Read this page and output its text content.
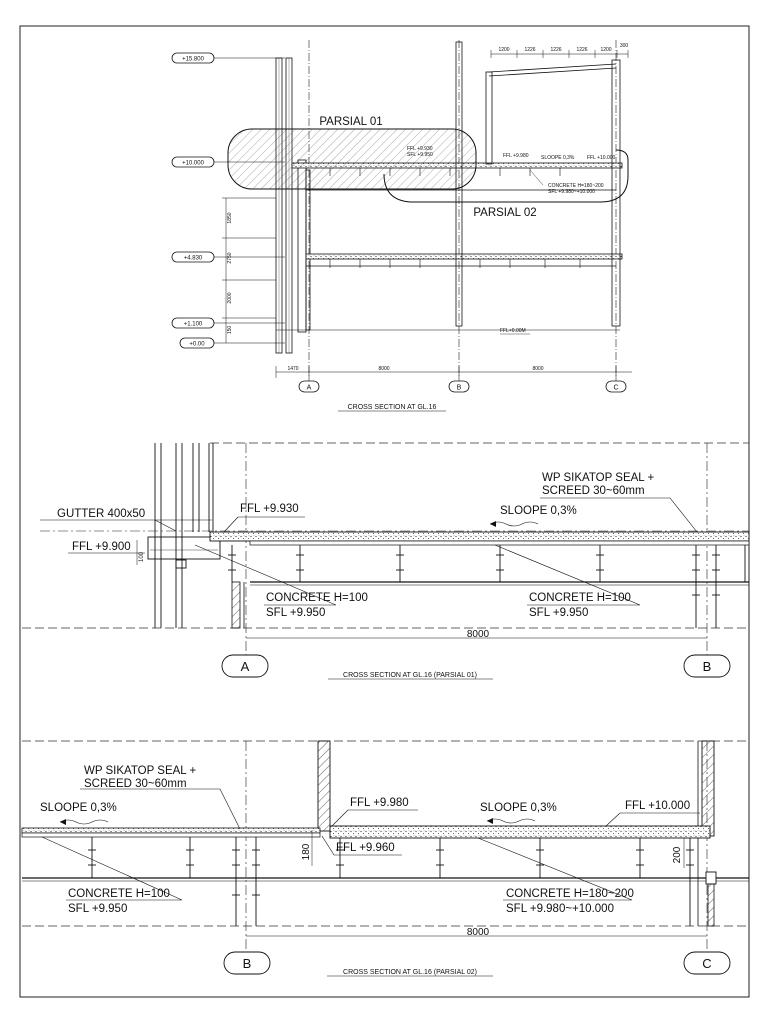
+15.800
+10.000
+4.830
+1.100
+0.00
1850
2750
2000
150
1200	1226	1226	1226	1200
300
FFL +9.980 SLOOPE 0,3%	FFL +10.000
CONCRETE H=180~200
SFL +9.980~+10.000
PARSIAL 01
PARSIAL 02
FFL+0.00M
1470	8000	8000
A	B	C
CROSS SECTION AT GL.16
GUTTER 400x50	FFL +9.930
FFL +9.900
100
WP SIKATOP SEAL +
SCREED 30~60mm
SLOOPE 0,3%
CONCRETE H=100
SFL +9.950
CONCRETE H=100
SFL +9.950
8000
A	B
CROSS SECTION AT GL.16 (PARSIAL 01)
180	200
WP SIKATOP SEAL +
SCREED 30~60mm
SLOOPE 0,3%	FFL +9.980
FFL +9.960
SLOOPE 0,3%	FFL +10.000
CONCRETE H=100
SFL +9.950
CONCRETE H=180~200
SFL +9.980~+10.000
8000
B	C
CROSS SECTION AT GL.16 (PARSIAL 02)
